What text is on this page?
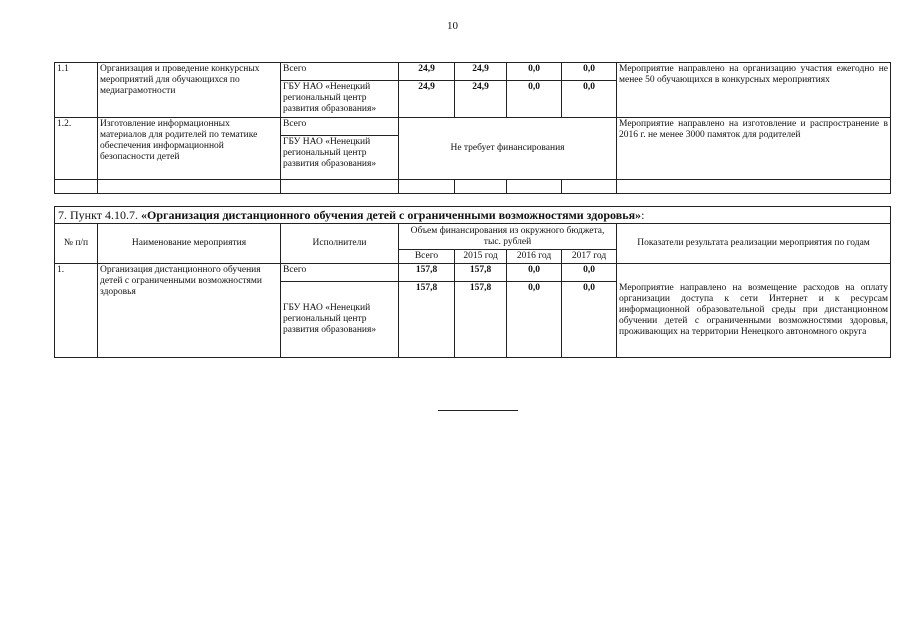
10
1.1	Организация и проведение конкурсных мероприятий для обучающихся по медиаграмотности	Всего	24,9	24,9	0,0	0,0	Мероприятие направлено на организацию участия ежегодно не менее 50 обучающихся в конкурсных мероприятиях
		ГБУ НАО «Ненецкий региональный центр развития образования»	24,9	24,9	0,0	0,0	
1.2.	Изготовление информационных материалов для родителей по тематике обеспечения информационной безопасности детей	Всего	Не требует финансирования				Мероприятие направлено на изготовление и распространение в 2016 г. не менее 3000 памяток для родителей
		ГБУ НАО «Ненецкий региональный центр развития образования»					

7. Пункт 4.10.7. «Организация дистанционного обучения детей с ограниченными возможностями здоровья»:							
№ п/п	Наименование мероприятия	Исполнители	Объем финансирования из окружного бюджета, тыс. рублей				Показатели результата реализации мероприятия по годам
			Всего	2015 год	2016 год	2017 год	
1.	Организация дистанционного обучения детей с ограниченными возможностями здоровья	Всего	157,8	157,8	0,0	0,0	Мероприятие направлено на возмещение расходов на оплату организации доступа к сети Интернет и к ресурсам информационной образовательной среды при дистанционном обучении детей с ограниченными возможностями здоровья, проживающих на территории Ненецкого автономного округа
		ГБУ НАО «Ненецкий региональный центр развития образования»	157,8	157,8	0,0	0,0	
